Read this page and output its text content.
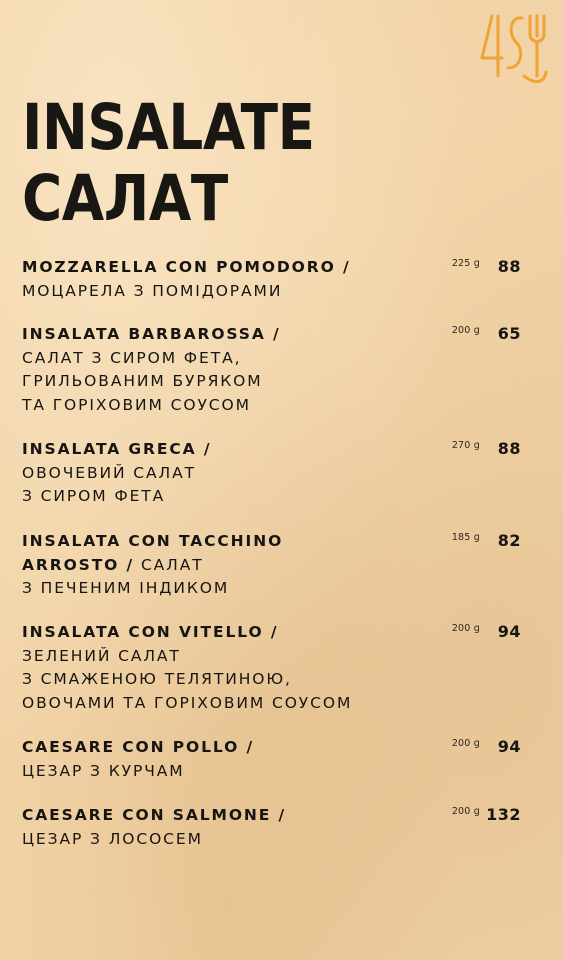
INSALATE
САЛАТ
MOZZARELLA CON POMODORO /
МОЦАРЕЛА З ПОМІДОРАМИ
225 g 88
INSALATA BARBAROSSA /
САЛАТ З СИРОМ ФЕТА,
ГРИЛЬОВАНИМ БУРЯКОМ
ТА ГОРІХОВИМ СОУСОМ
200 g 65
INSALATA GRECA /
ОВОЧЕВИЙ САЛАТ
З СИРОМ ФЕТА
270 g 88
INSALATA CON TACCHINO
ARROSTO / САЛАТ
З ПЕЧЕНИМ ІНДИКОМ
185 g 82
INSALATA CON VITELLO /
ЗЕЛЕНИЙ САЛАТ
З СМАЖЕНОЮ ТЕЛЯТИНОЮ,
ОВОЧАМИ ТА ГОРІХОВИМ СОУСОМ
200 g 94
CAESARE CON POLLO /
ЦЕЗАР З КУРЧАМ
200 g 94
CAESARE CON SALMONE /
ЦЕЗАР З ЛОСОСЕМ
200 g 132
